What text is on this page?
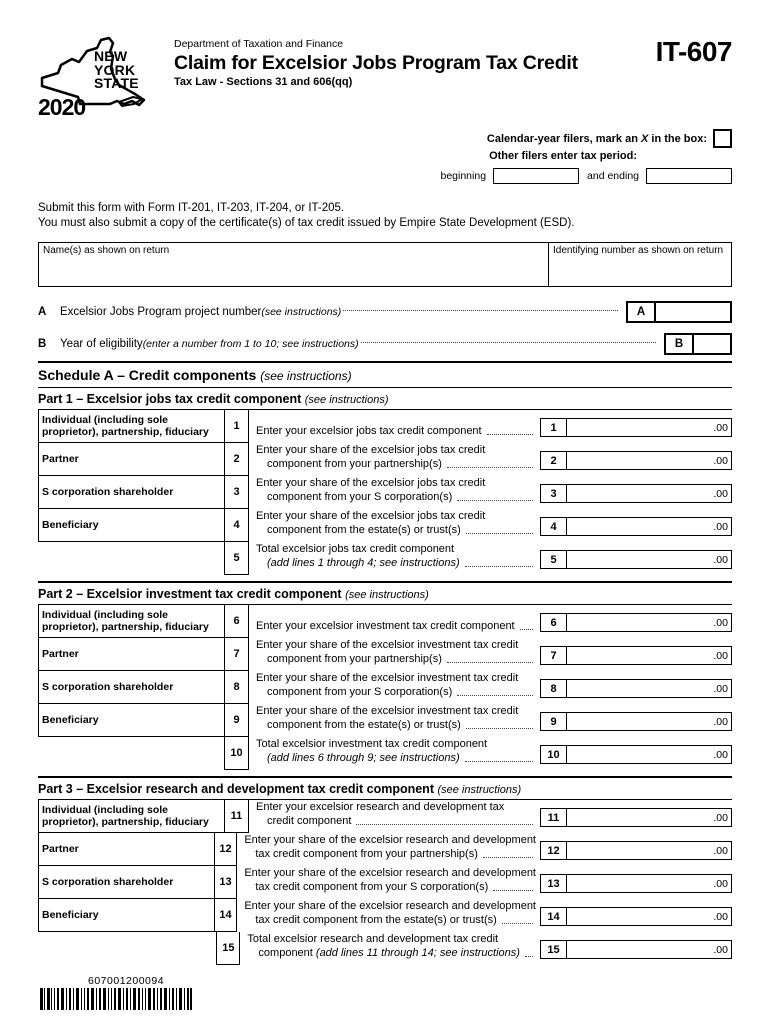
NEW
YORK
STATE
2020
Department of Taxation and Finance
Claim for Excelsior Jobs Program Tax Credit
Tax Law - Sections 31 and 606(qq)
IT-607
Calendar-year filers, mark an X in the box:
Other filers enter tax period:
beginning	and ending
Submit this form with Form IT-201, IT-203, IT-204, or IT-205.
You must also submit a copy of the certificate(s) of tax credit issued by Empire State Development (ESD).
Name(s) as shown on return	Identifying number as shown on return
A	Excelsior Jobs Program project number (see instructions)	A
B	Year of eligibility (enter a number from 1 to 10; see instructions)	B
Schedule A – Credit components (see instructions)
Part 1 – Excelsior jobs tax credit component (see instructions)
Individual (including sole proprietor), partnership, fiduciary	1	Enter your excelsior jobs tax credit component	1	.00
Partner	2
Enter your share of the excelsior jobs tax credit
component from your partnership(s)	2	.00
S corporation shareholder	3
Enter your share of the excelsior jobs tax credit
component from your S corporation(s)	3	.00
Beneficiary	4
Enter your share of the excelsior jobs tax credit
component from the estate(s) or trust(s)	4	.00
5
Total excelsior jobs tax credit component
(add lines 1 through 4; see instructions)	5	.00
Part 2 – Excelsior investment tax credit component (see instructions)
Individual (including sole proprietor), partnership, fiduciary	6	Enter your excelsior investment tax credit component	6	.00
Partner	7
Enter your share of the excelsior investment tax credit
component from your partnership(s)	7	.00
S corporation shareholder	8
Enter your share of the excelsior investment tax credit
component from your S corporation(s)	8	.00
Beneficiary	9
Enter your share of the excelsior investment tax credit
component from the estate(s) or trust(s)	9	.00
10
Total excelsior investment tax credit component
(add lines 6 through 9; see instructions)	10	.00
Part 3 – Excelsior research and development tax credit component (see instructions)
Individual (including sole proprietor), partnership, fiduciary	11
Enter your excelsior research and development tax
credit component	11	.00
Partner	12
Enter your share of the excelsior research and development
tax credit component from your partnership(s)	12	.00
S corporation shareholder	13
Enter your share of the excelsior research and development
tax credit component from your S corporation(s)	13	.00
Beneficiary	14
Enter your share of the excelsior research and development
tax credit component from the estate(s) or trust(s)	14	.00
15
Total excelsior research and development tax credit
component (add lines 11 through 14; see instructions)	15	.00
607001200094
